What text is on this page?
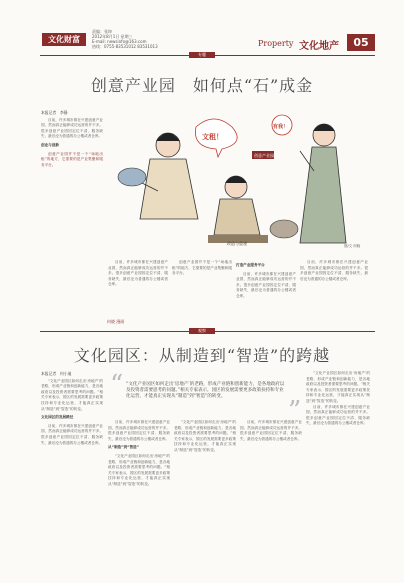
文化财富
责编：张坤
2012年8月1日 星期三
E-mail: newsinfo@163.com
热线：0755-83531012 83531013	Property 文化地产	05
专题
创意产业园　如何点“石”成金
本报记者　李静

目前，许多城市都在兴建创意产业园，然而真正能够成功运营的并不多。很多创意产业园因定位不清、服务缺失，最后沦为普通的办公楼或者仓库。

创业与创新

创意产业园并不是一个“场地出租”的地方，它需要的是产业集聚和服务平台。

文租！
有我！
创意产业园
改造与重建	图/文 何晓

目前，许多城市都在兴建创意产业园，然而真正能够成功运营的并不多。很多创意产业园因定位不清、服务缺失，最后沦为普通的办公楼或者仓库。

何晓 漫画

创意产业园并不是一个“场地出租”的地方，它需要的是产业集聚和服务平台。

打造产业服务平台

目前，许多城市都在兴建创意产业园，然而真正能够成功运营的并不多。很多创意产业园因定位不清、服务缺失，最后沦为普通的办公楼或者仓库。

目前，许多城市都在兴建创意产业园，然而真正能够成功运营的并不多。很多创意产业园因定位不清、服务缺失，最后沦为普通的办公楼或者仓库。

观察
文化园区：从制造到“智造”的跨越
“ “文化产业园区如何走出‘房地产’的老路，形成产业链和创新能力，是各地政府以及投资者需要思考的问题。”相关专家表示，园区的发展需要更多政策扶持和专业化运营，才能真正实现从“制造”到“智造”的转变。	”
本报记者　何小迪

“文化产业园区如何走出‘房地产’的老路，形成产业链和创新能力，是各地政府以及投资者需要思考的问题。”相关专家表示，园区的发展需要更多政策扶持和专业化运营，才能真正实现从“制造”到“智造”的转变。

文化园区的发展路径

目前，许多城市都在兴建创意产业园，然而真正能够成功运营的并不多。很多创意产业园因定位不清、服务缺失，最后沦为普通的办公楼或者仓库。

目前，许多城市都在兴建创意产业园，然而真正能够成功运营的并不多。很多创意产业园因定位不清、服务缺失，最后沦为普通的办公楼或者仓库。

从“制造”到“智造”

“文化产业园区如何走出‘房地产’的老路，形成产业链和创新能力，是各地政府以及投资者需要思考的问题。”相关专家表示，园区的发展需要更多政策扶持和专业化运营，才能真正实现从“制造”到“智造”的转变。

“文化产业园区如何走出‘房地产’的老路，形成产业链和创新能力，是各地政府以及投资者需要思考的问题。”相关专家表示，园区的发展需要更多政策扶持和专业化运营，才能真正实现从“制造”到“智造”的转变。

目前，许多城市都在兴建创意产业园，然而真正能够成功运营的并不多。很多创意产业园因定位不清、服务缺失，最后沦为普通的办公楼或者仓库。

“文化产业园区如何走出‘房地产’的老路，形成产业链和创新能力，是各地政府以及投资者需要思考的问题。”相关专家表示，园区的发展需要更多政策扶持和专业化运营，才能真正实现从“制造”到“智造”的转变。

目前，许多城市都在兴建创意产业园，然而真正能够成功运营的并不多。很多创意产业园因定位不清、服务缺失，最后沦为普通的办公楼或者仓库。
